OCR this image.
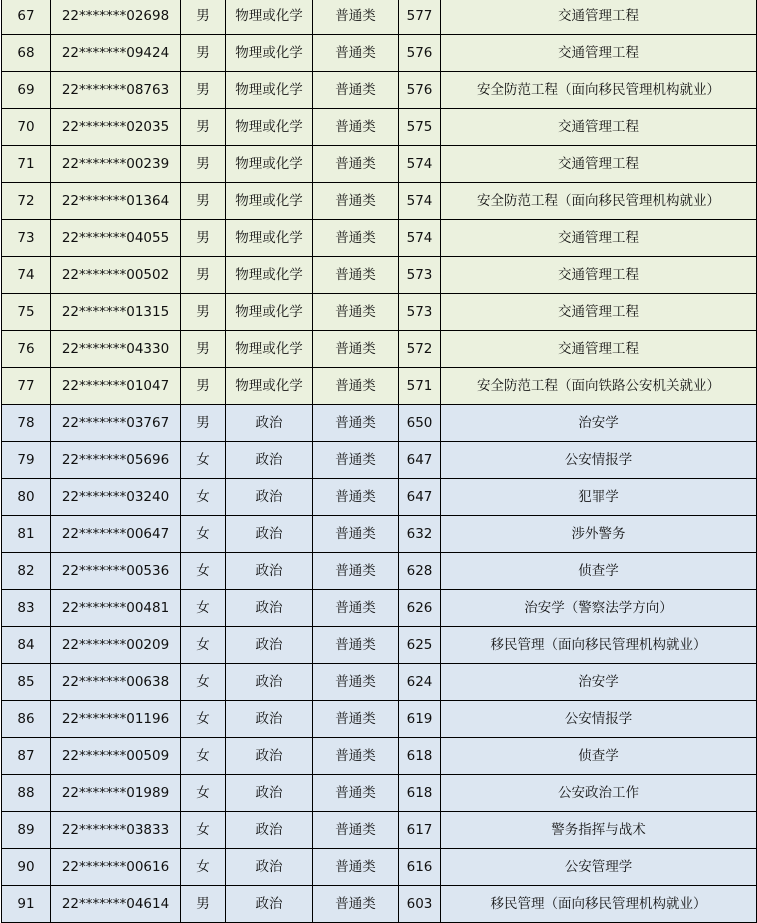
67	22*******02698	男	物理或化学	普通类	577	交通管理工程
68	22*******09424	男	物理或化学	普通类	576	交通管理工程
69	22*******08763	男	物理或化学	普通类	576	安全防范工程（面向移民管理机构就业）
70	22*******02035	男	物理或化学	普通类	575	交通管理工程
71	22*******00239	男	物理或化学	普通类	574	交通管理工程
72	22*******01364	男	物理或化学	普通类	574	安全防范工程（面向移民管理机构就业）
73	22*******04055	男	物理或化学	普通类	574	交通管理工程
74	22*******00502	男	物理或化学	普通类	573	交通管理工程
75	22*******01315	男	物理或化学	普通类	573	交通管理工程
76	22*******04330	男	物理或化学	普通类	572	交通管理工程
77	22*******01047	男	物理或化学	普通类	571	安全防范工程（面向铁路公安机关就业）
78	22*******03767	男	政治	普通类	650	治安学
79	22*******05696	女	政治	普通类	647	公安情报学
80	22*******03240	女	政治	普通类	647	犯罪学
81	22*******00647	女	政治	普通类	632	涉外警务
82	22*******00536	女	政治	普通类	628	侦查学
83	22*******00481	女	政治	普通类	626	治安学（警察法学方向）
84	22*******00209	女	政治	普通类	625	移民管理（面向移民管理机构就业）
85	22*******00638	女	政治	普通类	624	治安学
86	22*******01196	女	政治	普通类	619	公安情报学
87	22*******00509	女	政治	普通类	618	侦查学
88	22*******01989	女	政治	普通类	618	公安政治工作
89	22*******03833	女	政治	普通类	617	警务指挥与战术
90	22*******00616	女	政治	普通类	616	公安管理学
91	22*******04614	男	政治	普通类	603	移民管理（面向移民管理机构就业）
